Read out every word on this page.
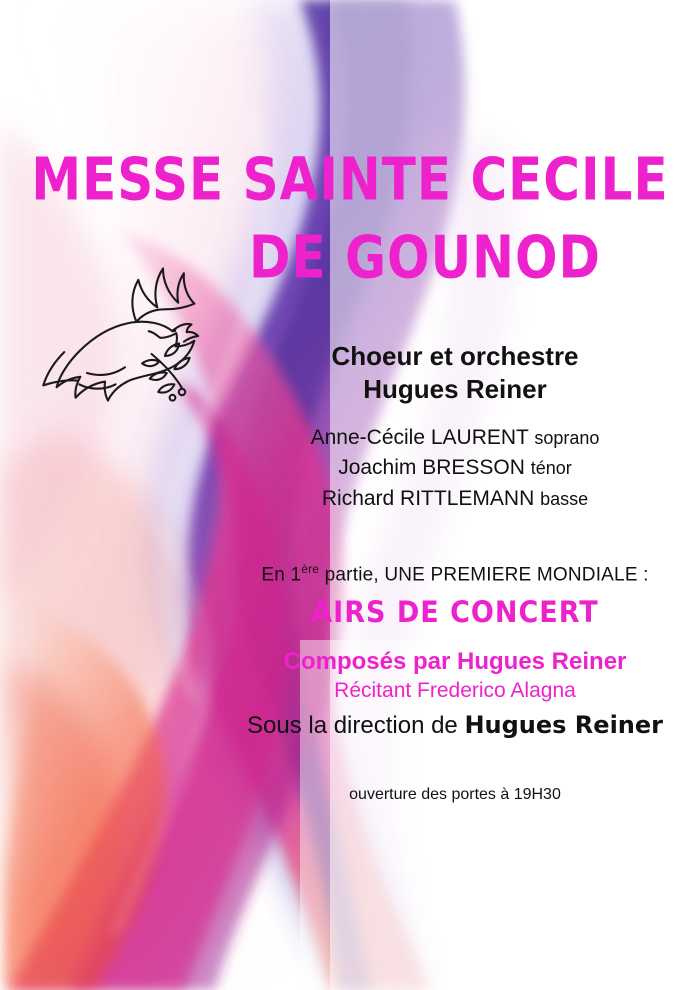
MESSE SAINTE CECILE
DE GOUNOD
Choeur et orchestre
Hugues Reiner
Anne-Cécile LAURENT soprano
Joachim BRESSON ténor
Richard RITTLEMANN basse
En 1ère partie, UNE PREMIERE MONDIALE :
AIRS DE CONCERT
Composés par Hugues Reiner
Récitant Frederico Alagna
Sous la direction de Hugues Reiner
ouverture des portes à 19H30
